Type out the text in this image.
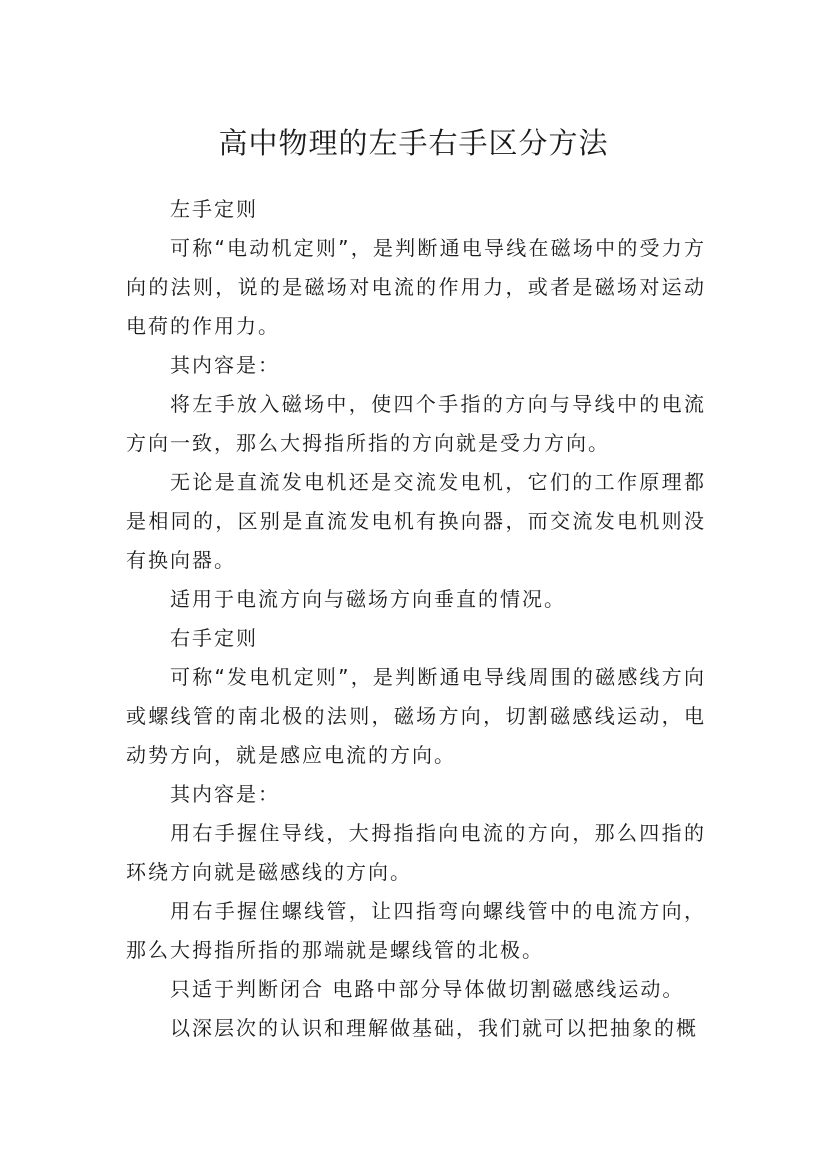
高中物理的左手右手区分方法

左手定则

可称“电动机定则”，是判断通电导线在磁场中的受力方向的法则，说的是磁场对电流的作用力，或者是磁场对运动电荷的作用力。

其内容是：

将左手放入磁场中，使四个手指的方向与导线中的电流方向一致，那么大拇指所指的方向就是受力方向。

无论是直流发电机还是交流发电机，它们的工作原理都是相同的，区别是直流发电机有换向器，而交流发电机则没有换向器。

适用于电流方向与磁场方向垂直的情况。

右手定则

可称“发电机定则”，是判断通电导线周围的磁感线方向或螺线管的南北极的法则，磁场方向，切割磁感线运动，电动势方向，就是感应电流的方向。

其内容是：

用右手握住导线，大拇指指向电流的方向，那么四指的环绕方向就是磁感线的方向。

用右手握住螺线管，让四指弯向螺线管中的电流方向，那么大拇指所指的那端就是螺线管的北极。

只适于判断闭合 电路中部分导体做切割磁感线运动。

以深层次的认识和理解做基础，我们就可以把抽象的概
